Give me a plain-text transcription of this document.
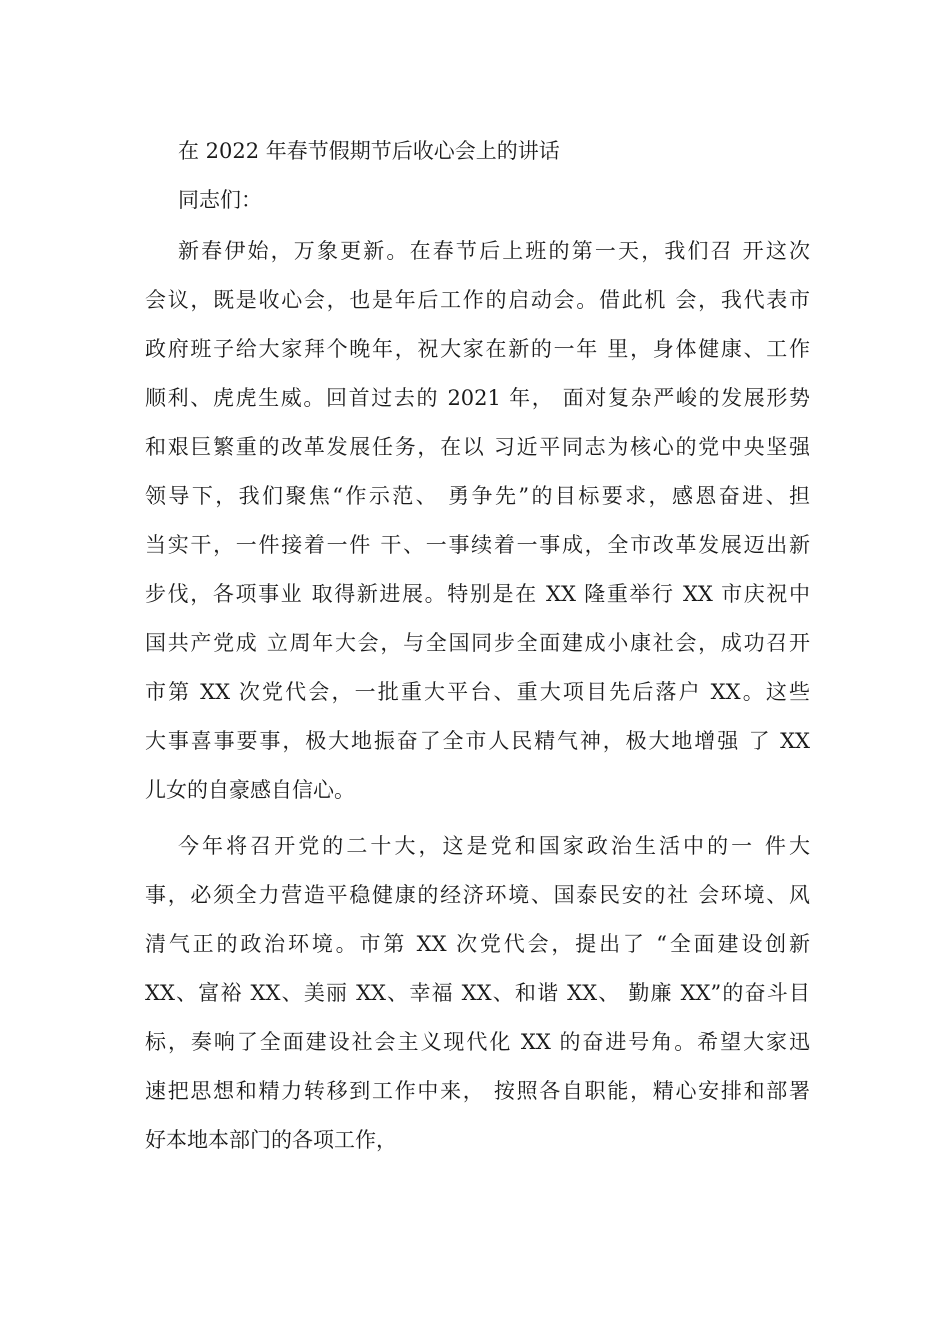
在 2022 年春节假期节后收心会上的讲话
同志们：
新春伊始，万象更新。在春节后上班的第一天，我们召 开这次
会议，既是收心会，也是年后工作的启动会。借此机 会，我代表市
政府班子给大家拜个晚年，祝大家在新的一年 里，身体健康、工作
顺利、虎虎生威。回首过去的 2021 年， 面对复杂严峻的发展形势
和艰巨繁重的改革发展任务，在以 习近平同志为核心的党中央坚强
领导下，我们聚焦“作示范、 勇争先”的目标要求，感恩奋进、担
当实干，一件接着一件 干、一事续着一事成，全市改革发展迈出新
步伐，各项事业 取得新进展。特别是在 XX 隆重举行 XX 市庆祝中
国共产党成 立周年大会，与全国同步全面建成小康社会，成功召开
市第 XX 次党代会，一批重大平台、重大项目先后落户 XX。这些
大事喜事要事，极大地振奋了全市人民精气神，极大地增强 了 XX
儿女的自豪感自信心。
今年将召开党的二十大，这是党和国家政治生活中的一 件大
事，必须全力营造平稳健康的经济环境、国泰民安的社 会环境、风
清气正的政治环境。市第 XX 次党代会，提出了 “全面建设创新
XX、富裕 XX、美丽 XX、幸福 XX、和谐 XX、 勤廉 XX”的奋斗目
标，奏响了全面建设社会主义现代化 XX 的奋进号角。希望大家迅
速把思想和精力转移到工作中来， 按照各自职能，精心安排和部署
好本地本部门的各项工作，
